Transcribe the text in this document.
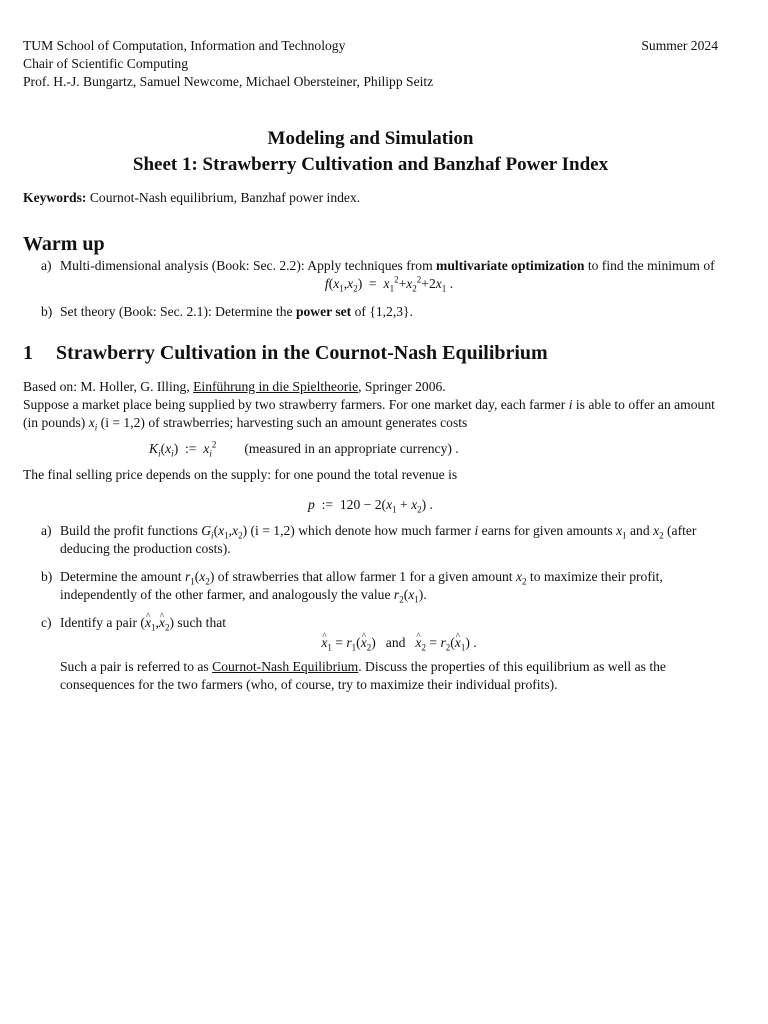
TUM School of Computation, Information and Technology
Chair of Scientific Computing
Prof. H.-J. Bungartz, Samuel Newcome, Michael Obersteiner, Philipp Seitz
Summer 2024
Modeling and Simulation
Sheet 1: Strawberry Cultivation and Banzhaf Power Index
Keywords: Cournot-Nash equilibrium, Banzhaf power index.
Warm up
a) Multi-dimensional analysis (Book: Sec. 2.2): Apply techniques from multivariate optimization to find the minimum of
$f(x_1,x_2) = x_1^2+x_2^2+2x_1$ .
b) Set theory (Book: Sec. 2.1): Determine the power set of {1,2,3}.
1 Strawberry Cultivation in the Cournot-Nash Equilibrium
Based on: M. Holler, G. Illing, Einführung in die Spieltheorie, Springer 2006.
Suppose a market place being supplied by two strawberry farmers. For one market day, each farmer i is able to offer an amount (in pounds) $x_i$ (i = 1,2) of strawberries; harvesting such an amount generates costs
$K_i(x_i)$  :=  $x_i^2$ (measured in an appropriate currency) .
The final selling price depends on the supply: for one pound the total revenue is
p  :=  $120 - 2(x_1 + x_2)$ .
a) Build the profit functions $G_i(x_1,x_2) (i = 1,2)$ which denote how much farmer i earns for given amounts $x_1$ and $x_2$ (after deducing the production costs).
b) Determine the amount $r_1(x_2)$ of strawberries that allow farmer 1 for a given amount $x_2$ to maximize their profit, independently of the other farmer, and analogously the value $r_2(x_1)$.
c) Identify a pair (^ $x_1,\^{}$ $x_2$) such that
^ $x_1$ = $r_1(\^{}$ $x_2$) and^ $x_2$ = $r_2(\^{}$ $x_1$) .
Such a pair is referred to as Cournot-Nash Equilibrium. Discuss the properties of this equilibrium as well as the consequences for the two farmers (who, of course, try to maximize their individual profits).
